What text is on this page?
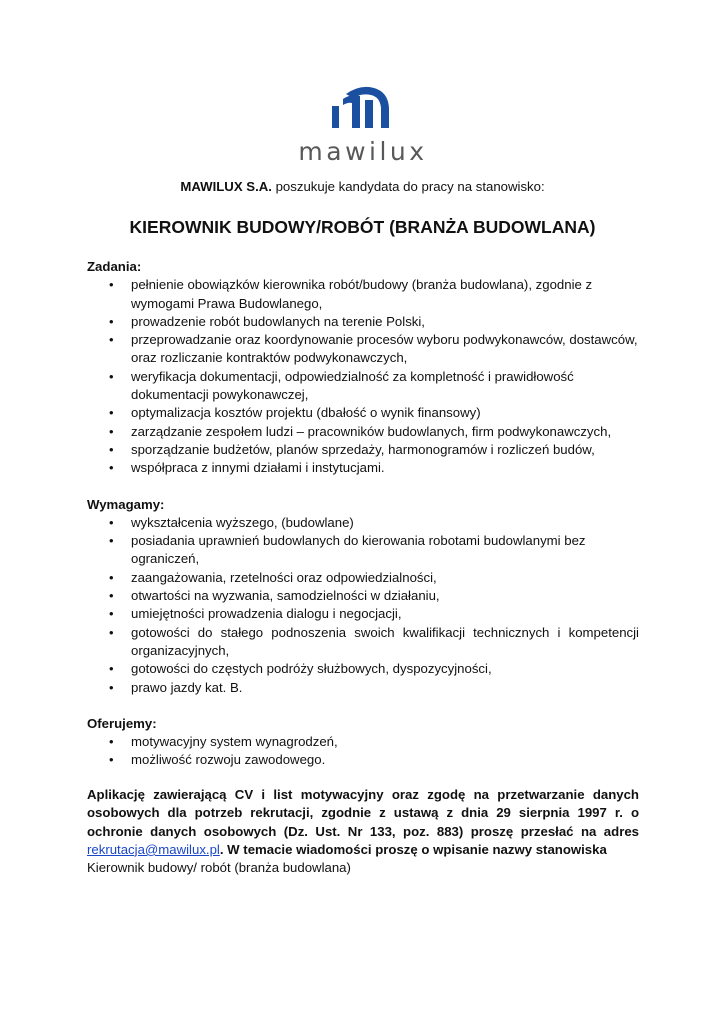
mawilux
MAWILUX S.A. poszukuje kandydata do pracy na stanowisko:
KIEROWNIK BUDOWY/ROBÓT (BRANŻA BUDOWLANA)

Zadania:

• pełnienie obowiązków kierownika robót/budowy (branża budowlana), zgodnie z wymogami Prawa Budowlanego,
• prowadzenie robót budowlanych na terenie Polski,
• przeprowadzanie oraz koordynowanie procesów wyboru podwykonawców, dostawców, oraz rozliczanie kontraktów podwykonawczych,
• weryfikacja dokumentacji, odpowiedzialność za kompletność i prawidłowość dokumentacji powykonawczej,
• optymalizacja kosztów projektu (dbałość o wynik finansowy)
• zarządzanie zespołem ludzi – pracowników budowlanych, firm podwykonawczych,
• sporządzanie budżetów, planów sprzedaży, harmonogramów i rozliczeń budów,
• współpraca z innymi działami i instytucjami.

Wymagamy:

• wykształcenia wyższego, (budowlane)
• posiadania uprawnień budowlanych do kierowania robotami budowlanymi bez ograniczeń,
• zaangażowania, rzetelności oraz odpowiedzialności,
• otwartości na wyzwania, samodzielności w działaniu,
• umiejętności prowadzenia dialogu i negocjacji,
• gotowości do stałego podnoszenia swoich kwalifikacji technicznych i kompetencji organizacyjnych,
• gotowości do częstych podróży służbowych, dyspozycyjności,
• prawo jazdy kat. B.

Oferujemy:

• motywacyjny system wynagrodzeń,
• możliwość rozwoju zawodowego.
Aplikację zawierającą CV i list motywacyjny oraz zgodę na przetwarzanie danych osobowych dla potrzeb rekrutacji, zgodnie z ustawą z dnia 29 sierpnia 1997 r. o ochronie danych osobowych (Dz. Ust. Nr 133, poz. 883) proszę przesłać na adres rekrutacja@mawilux.pl. W temacie wiadomości proszę o wpisanie nazwy stanowiska
Kierownik budowy/ robót (branża budowlana)
